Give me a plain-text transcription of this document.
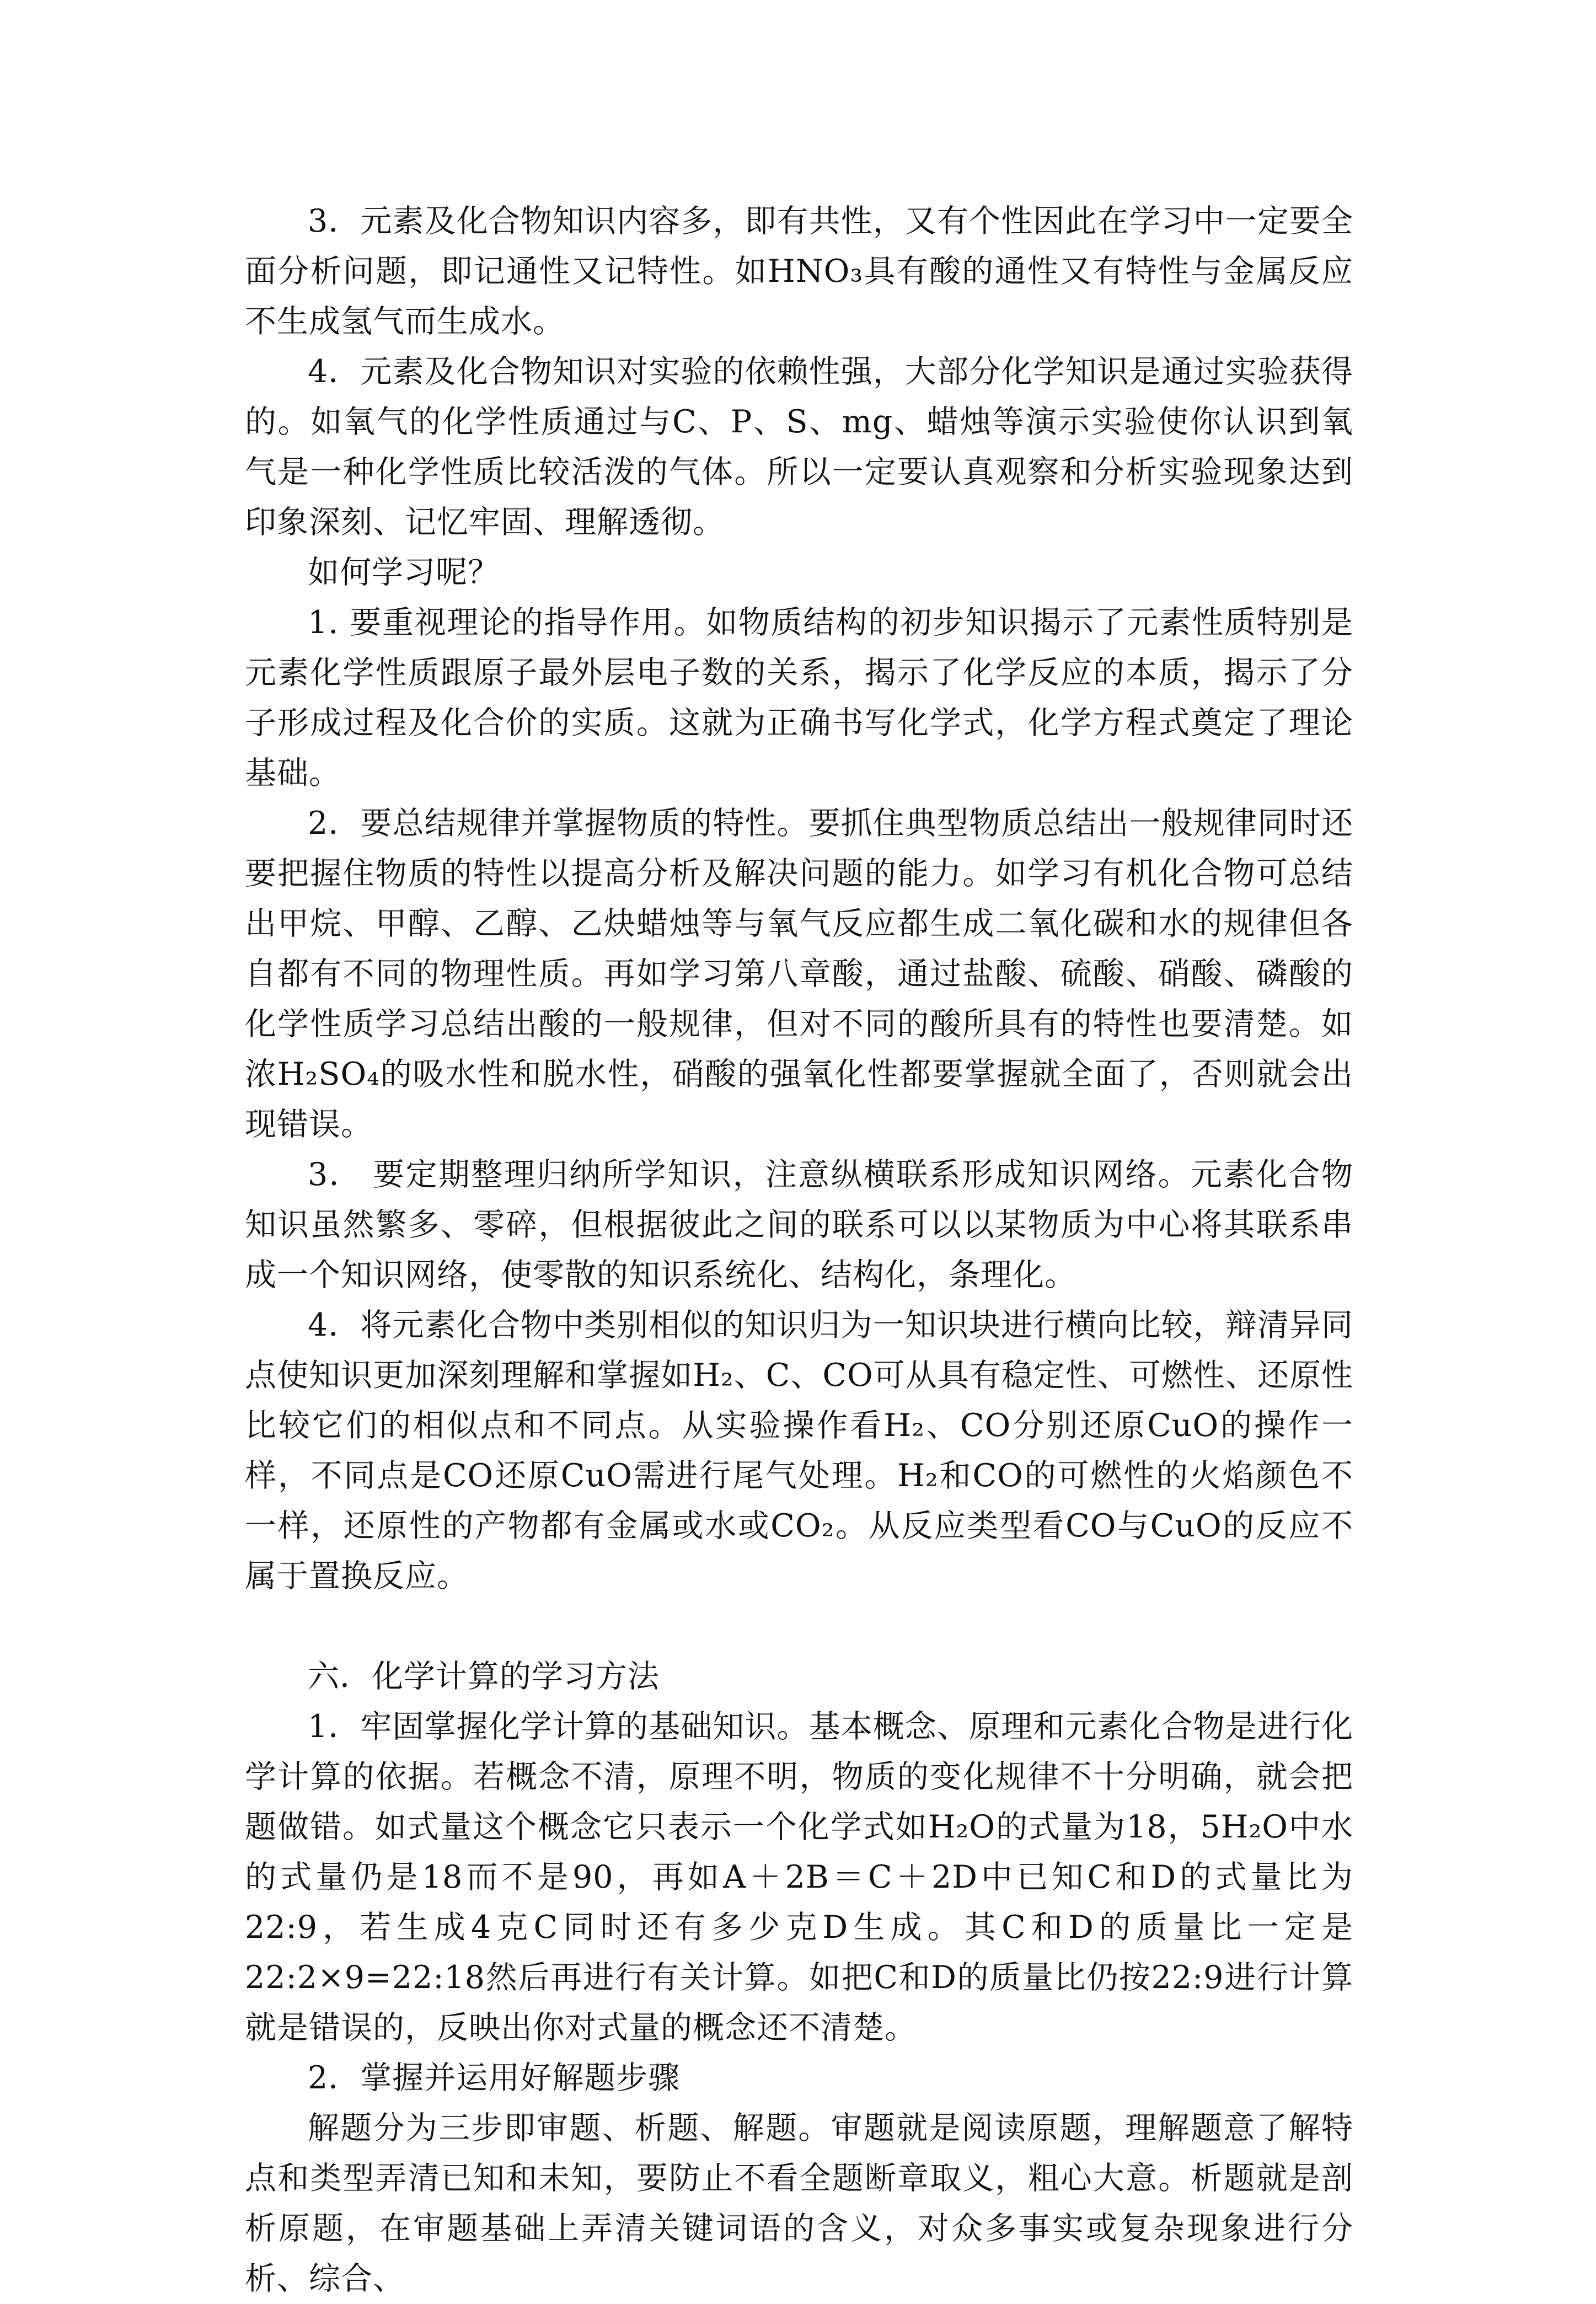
3．元素及化合物知识内容多，即有共性，又有个性因此在学习中一定要全面分析问题，即记通性又记特性。如HNO₃具有酸的通性又有特性与金属反应不生成氢气而生成水。

4．元素及化合物知识对实验的依赖性强，大部分化学知识是通过实验获得的。如氧气的化学性质通过与C、P、S、mg、蜡烛等演示实验使你认识到氧气是一种化学性质比较活泼的气体。所以一定要认真观察和分析实验现象达到印象深刻、记忆牢固、理解透彻。

如何学习呢？

1. 要重视理论的指导作用。如物质结构的初步知识揭示了元素性质特别是元素化学性质跟原子最外层电子数的关系，揭示了化学反应的本质，揭示了分子形成过程及化合价的实质。这就为正确书写化学式，化学方程式奠定了理论基础。

2．要总结规律并掌握物质的特性。要抓住典型物质总结出一般规律同时还要把握住物质的特性以提高分析及解决问题的能力。如学习有机化合物可总结出甲烷、甲醇、乙醇、乙炔蜡烛等与氧气反应都生成二氧化碳和水的规律但各自都有不同的物理性质。再如学习第八章酸，通过盐酸、硫酸、硝酸、磷酸的化学性质学习总结出酸的一般规律，但对不同的酸所具有的特性也要清楚。如浓H₂SO₄的吸水性和脱水性，硝酸的强氧化性都要掌握就全面了，否则就会出现错误。

3． 要定期整理归纳所学知识，注意纵横联系形成知识网络。元素化合物知识虽然繁多、零碎，但根据彼此之间的联系可以以某物质为中心将其联系串成一个知识网络，使零散的知识系统化、结构化，条理化。

4．将元素化合物中类别相似的知识归为一知识块进行横向比较，辩清异同点使知识更加深刻理解和掌握如H₂、C、CO可从具有稳定性、可燃性、还原性比较它们的相似点和不同点。从实验操作看H₂、CO分别还原CuO的操作一样，不同点是CO还原CuO需进行尾气处理。H₂和CO的可燃性的火焰颜色不一样，还原性的产物都有金属或水或CO₂。从反应类型看CO与CuO的反应不属于置换反应。

六．化学计算的学习方法

1．牢固掌握化学计算的基础知识。基本概念、原理和元素化合物是进行化学计算的依据。若概念不清，原理不明，物质的变化规律不十分明确，就会把题做错。如式量这个概念它只表示一个化学式如H₂O的式量为18，5H₂O中水的式量仍是18而不是90，再如A＋2B＝C＋2D中已知C和D的式量比为22:9，若生成4克C同时还有多少克D生成。其C和D的质量比一定是22:2×9=22:18然后再进行有关计算。如把C和D的质量比仍按22:9进行计算就是错误的，反映出你对式量的概念还不清楚。

2．掌握并运用好解题步骤

解题分为三步即审题、析题、解题。审题就是阅读原题，理解题意了解特点和类型弄清已知和未知，要防止不看全题断章取义，粗心大意。析题就是剖析原题，在审题基础上弄清关键词语的含义，对众多事实或复杂现象进行分析、综合、
